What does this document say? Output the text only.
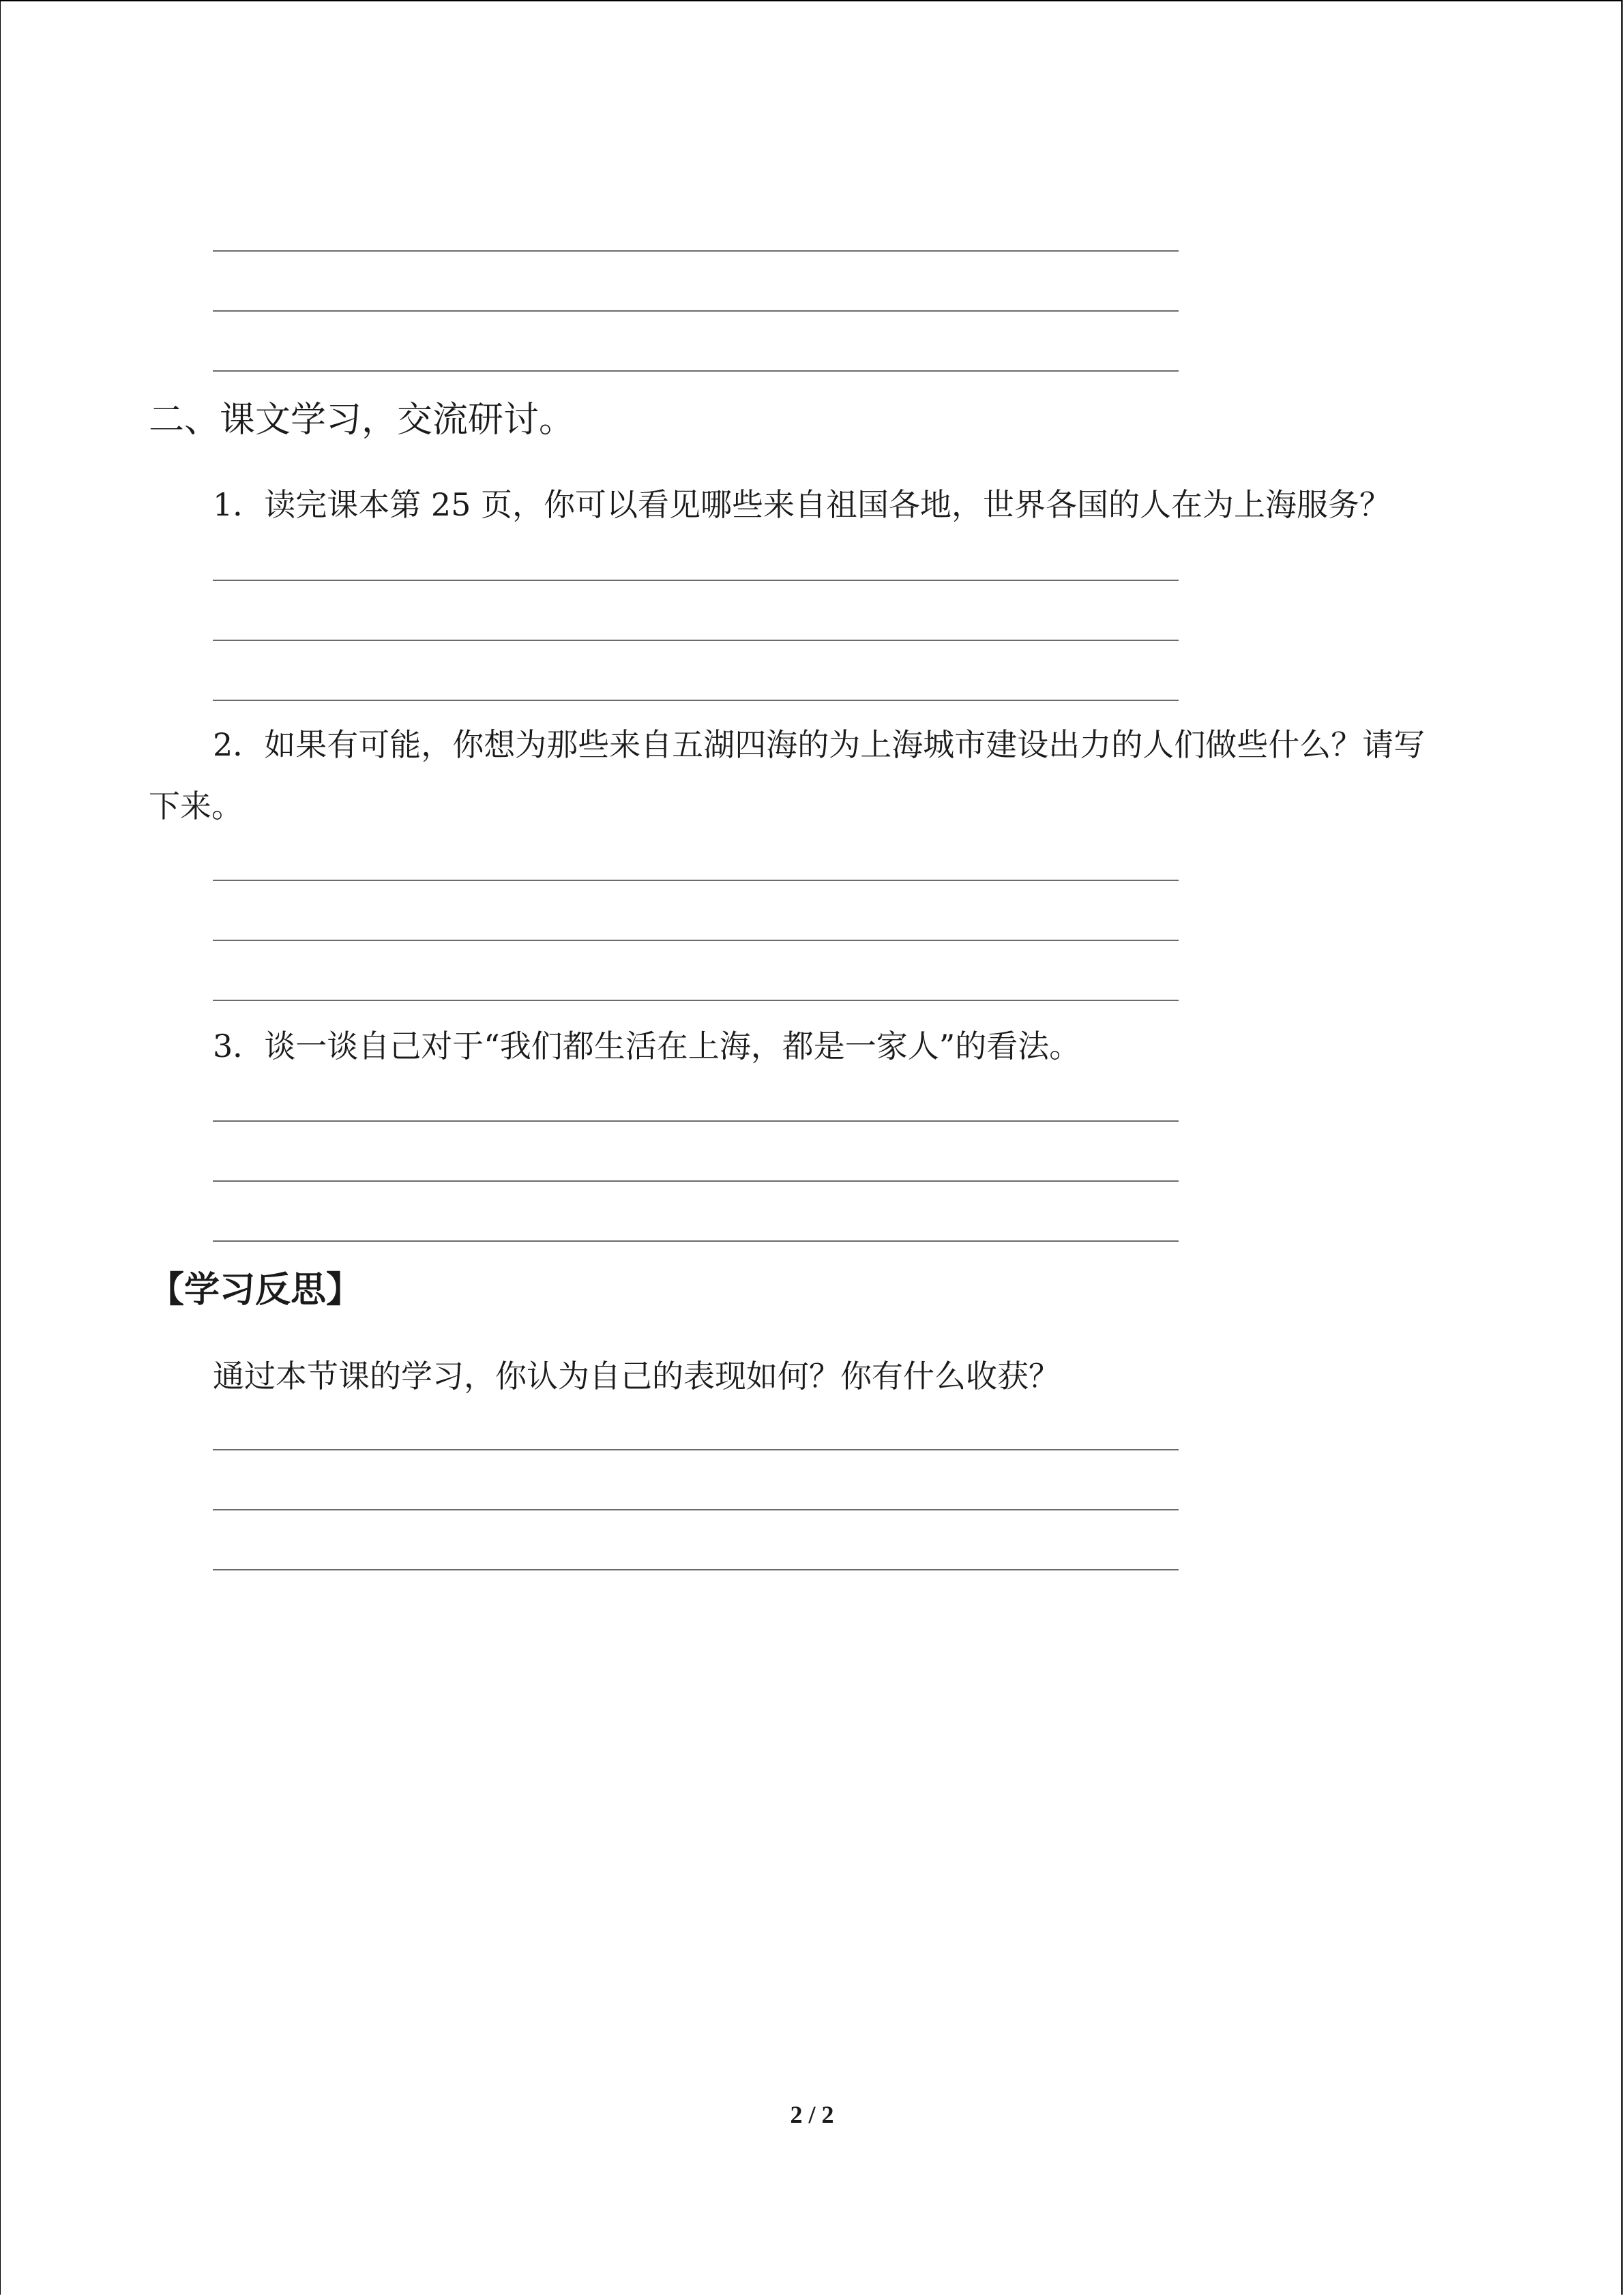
二、课文学习，交流研讨。
1．读完课本第 25 页，你可以看见哪些来自祖国各地，世界各国的人在为上海服务？
2．如果有可能，你想为那些来自五湖四海的为上海城市建设出力的人们做些什么？请写
下来。
3．谈一谈自己对于“我们都生活在上海，都是一家人”的看法。
【学习反思】
通过本节课的学习，你认为自己的表现如何？你有什么收获？
2 / 2
